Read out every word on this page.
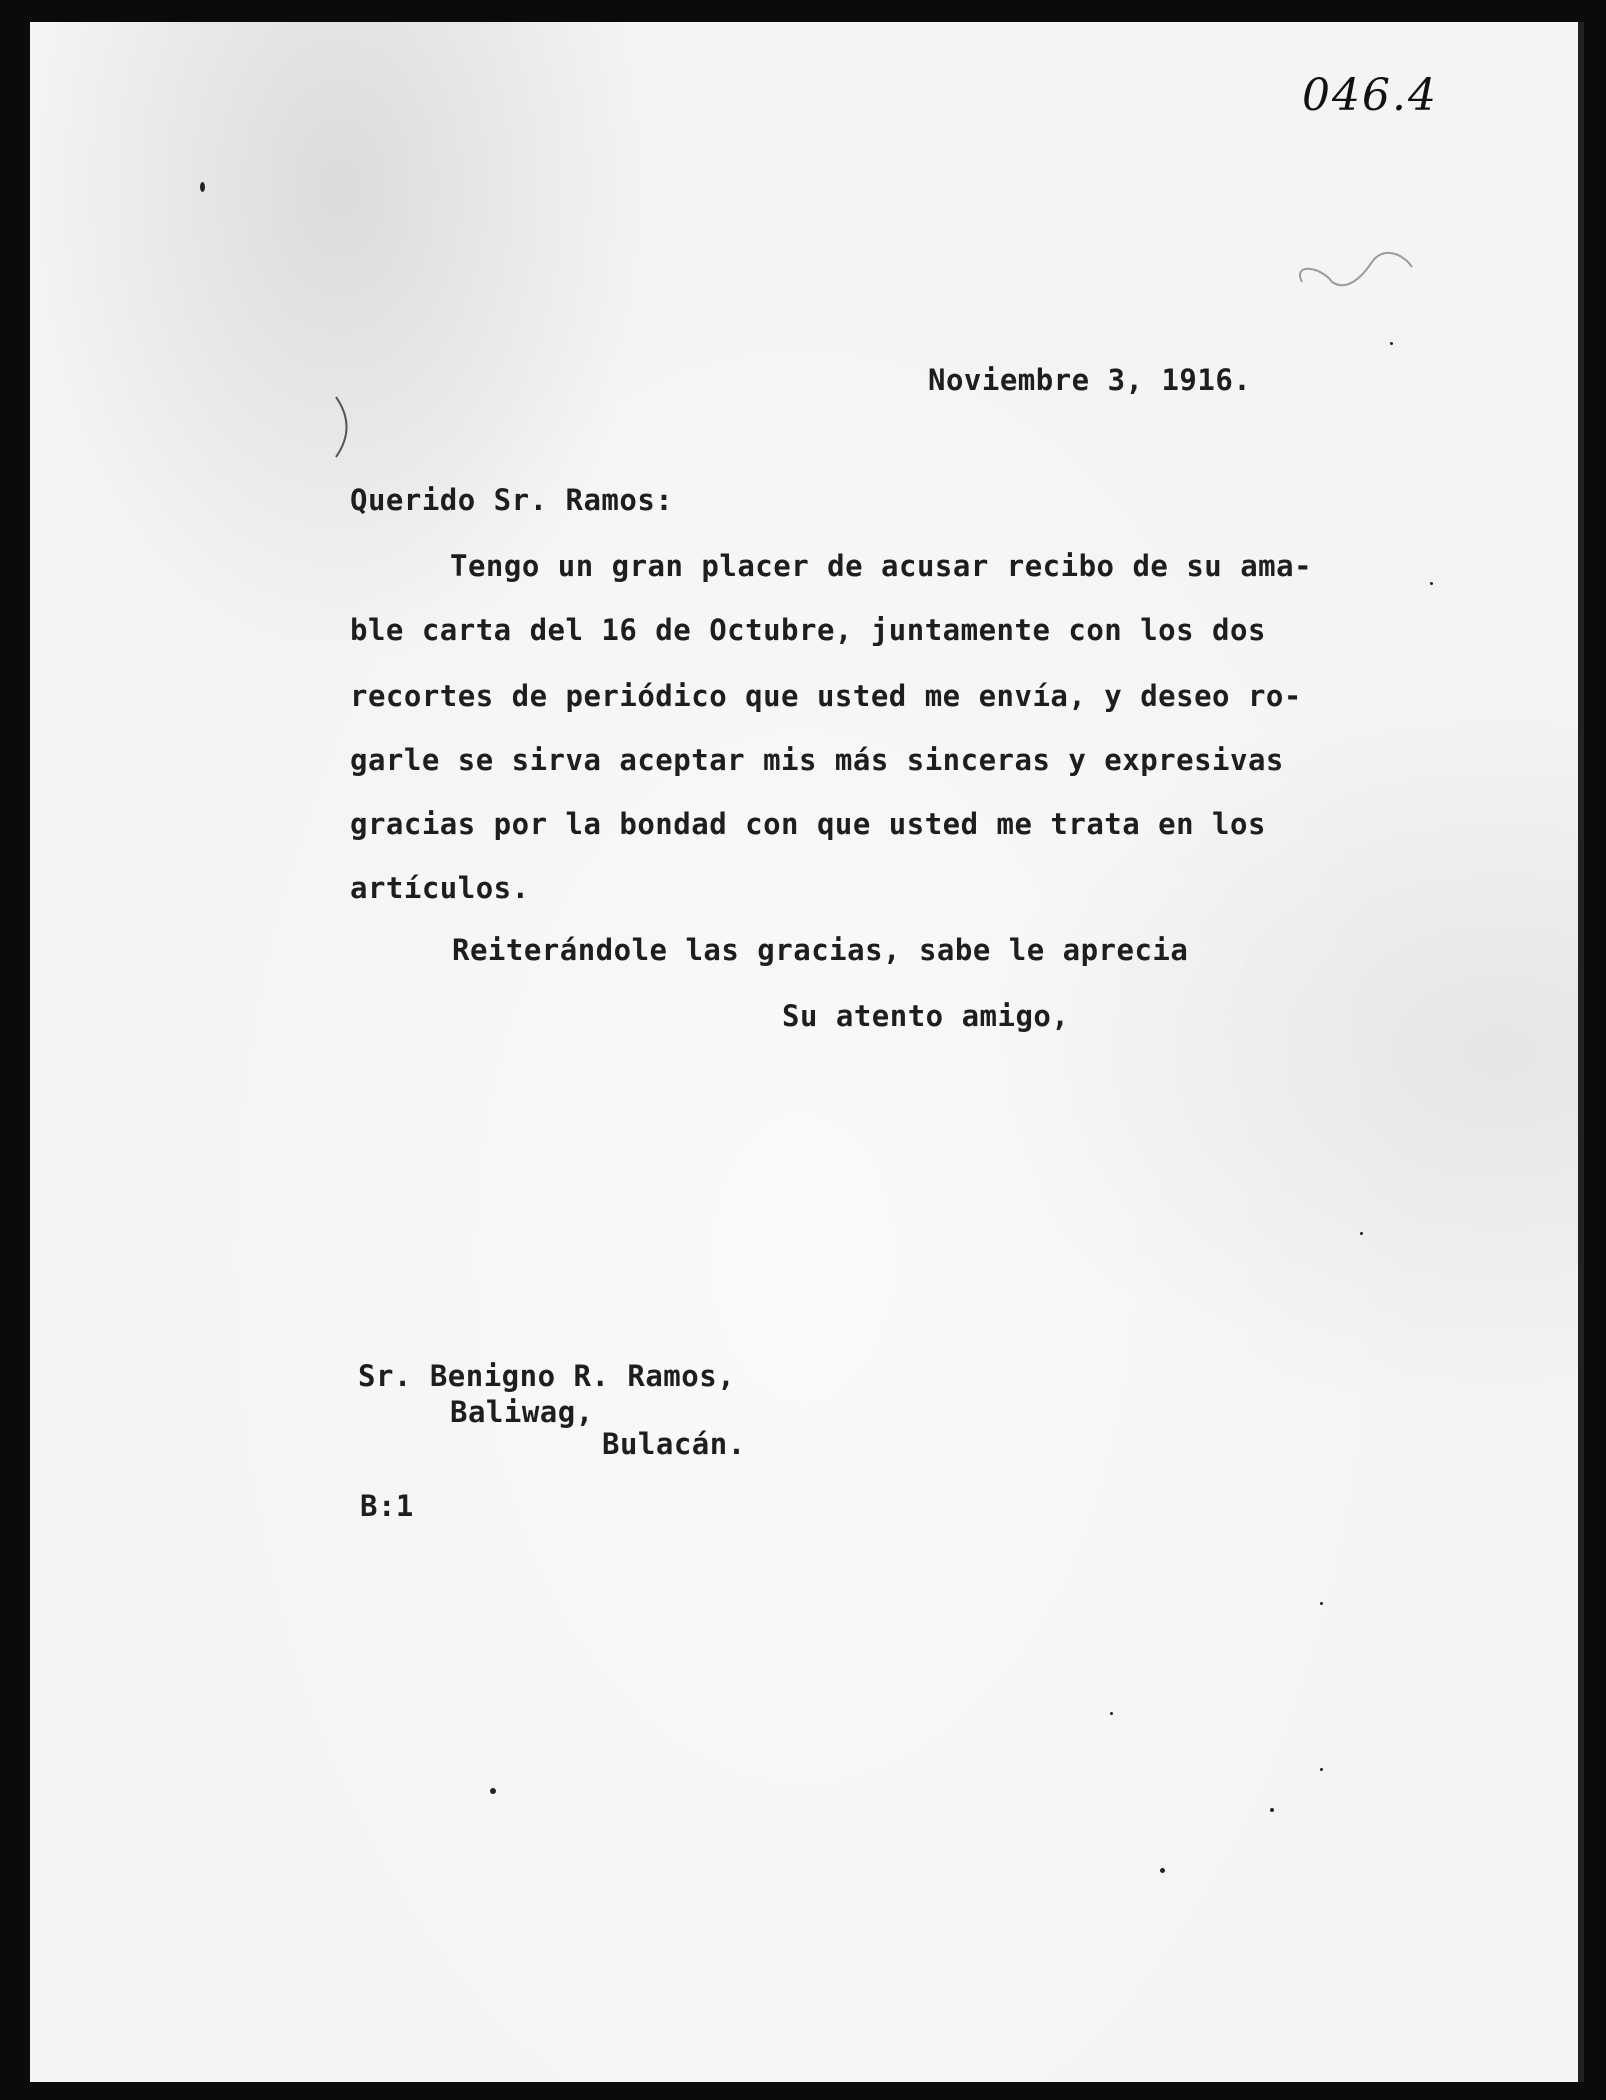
046.4
Noviembre 3, 1916.
Querido Sr. Ramos:
Tengo un gran placer de acusar recibo de su ama-
ble carta del 16 de Octubre, juntamente con los dos
recortes de periódico que usted me envía, y deseo ro-
garle se sirva aceptar mis más sinceras y expresivas
gracias por la bondad con que usted me trata en los
artículos.
Reiterándole las gracias, sabe le aprecia
Su atento amigo,
Sr. Benigno R. Ramos,
Baliwag,
Bulacán.
B:1
